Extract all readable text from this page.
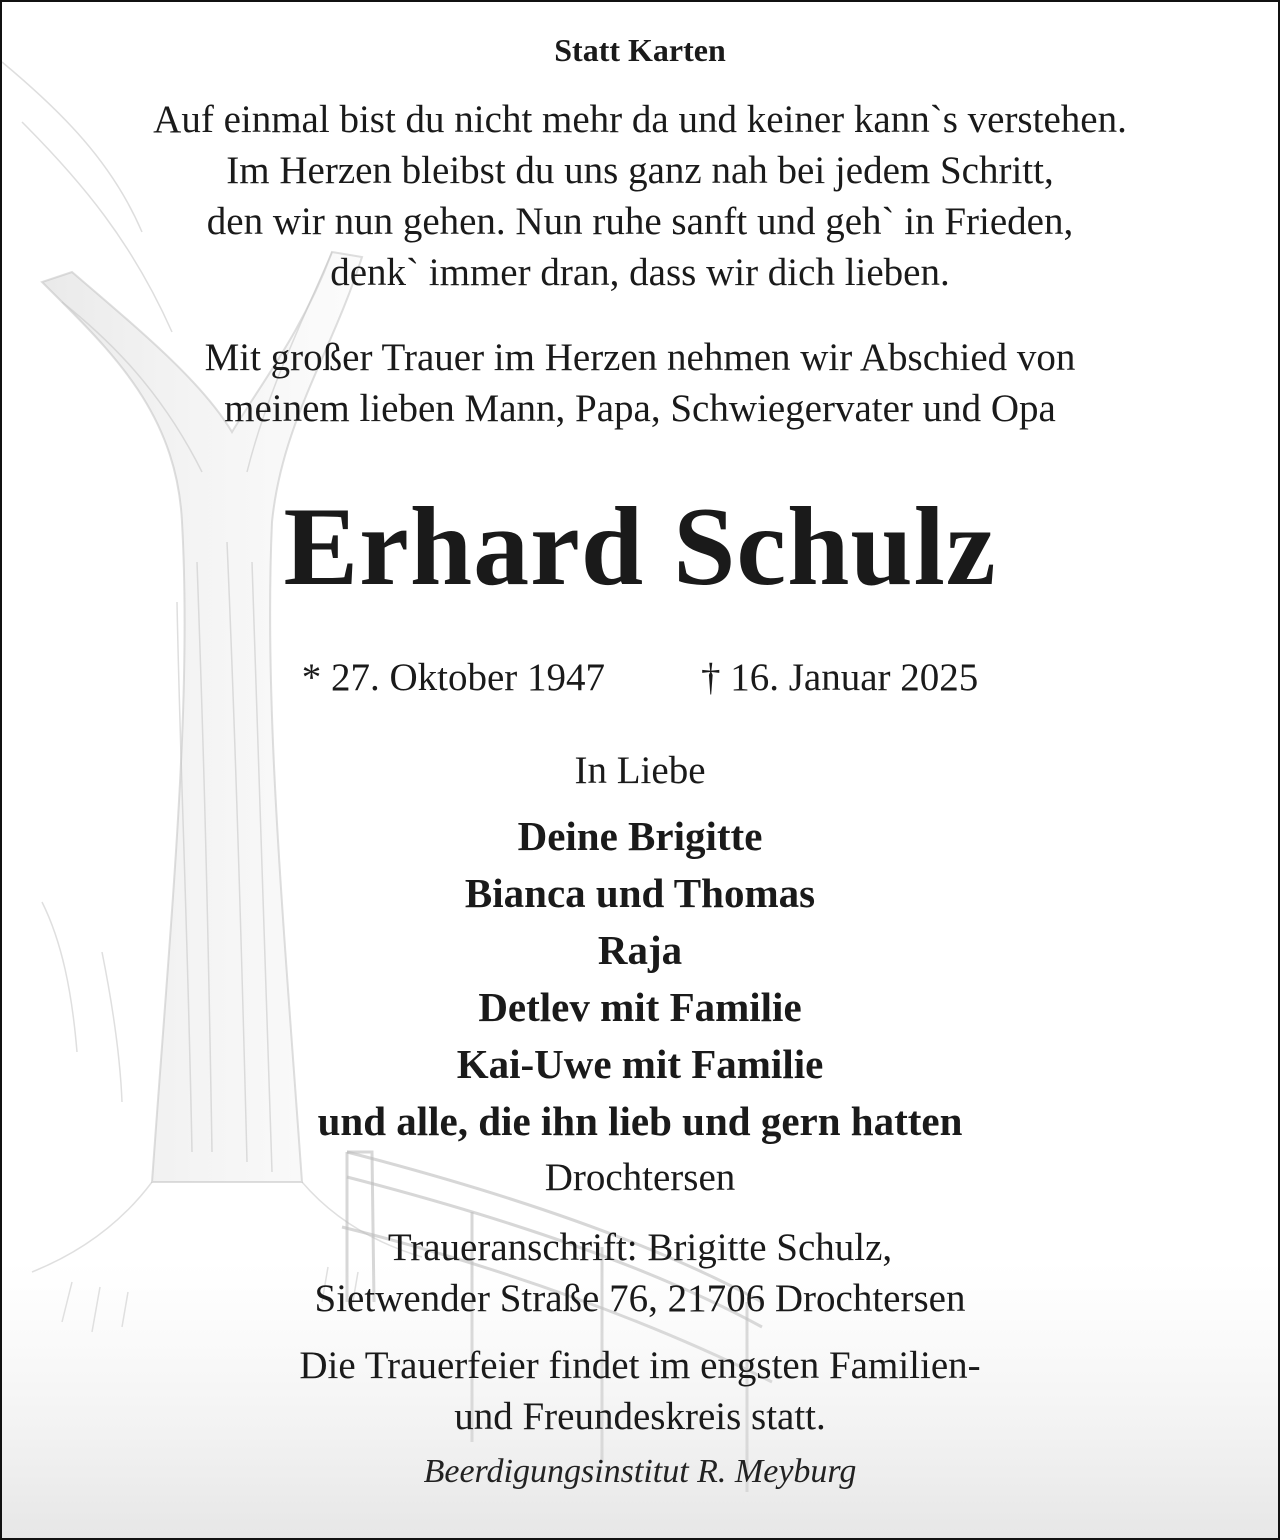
Statt Karten
Auf einmal bist du nicht mehr da und keiner kann`s verstehen.
Im Herzen bleibst du uns ganz nah bei jedem Schritt,
den wir nun gehen. Nun ruhe sanft und geh` in Frieden,
denk` immer dran, dass wir dich lieben.
Mit großer Trauer im Herzen nehmen wir Abschied von
meinem lieben Mann, Papa, Schwiegervater und Opa
Erhard Schulz
* 27. Oktober 1947 † 16. Januar 2025
In Liebe
Deine Brigitte
Bianca und Thomas
Raja
Detlev mit Familie
Kai-Uwe mit Familie
und alle, die ihn lieb und gern hatten
Drochtersen
Traueranschrift: Brigitte Schulz,
Sietwender Straße 76, 21706 Drochtersen
Die Trauerfeier findet im engsten Familien-
und Freundeskreis statt.
Beerdigungsinstitut R. Meyburg
